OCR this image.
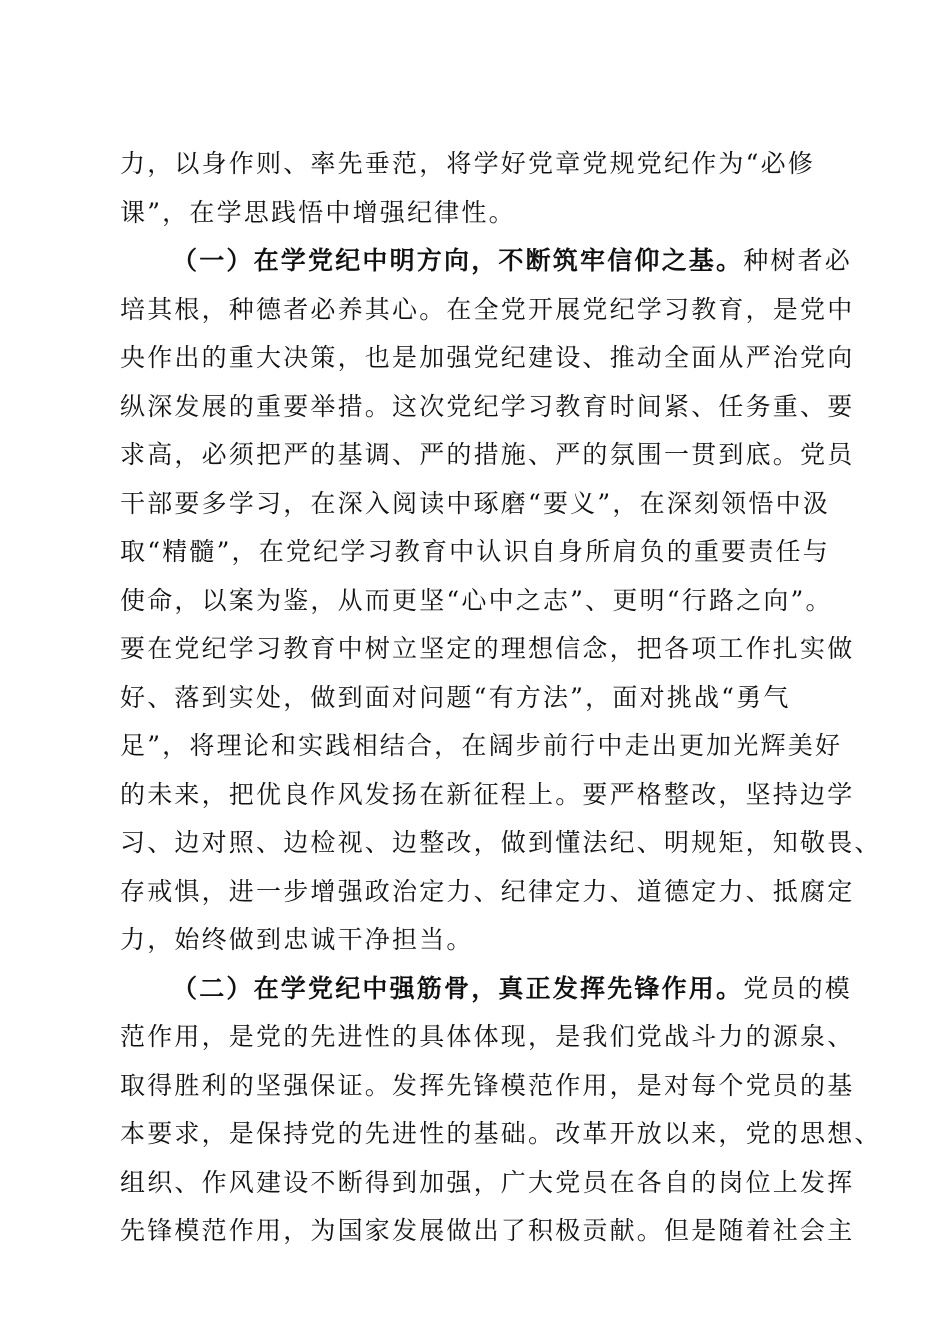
力，以身作则、率先垂范，将学好党章党规党纪作为“必修
课”，在学思践悟中增强纪律性。
（一）在学党纪中明方向，不断筑牢信仰之基。种树者必
培其根，种德者必养其心。在全党开展党纪学习教育，是党中
央作出的重大决策，也是加强党纪建设、推动全面从严治党向
纵深发展的重要举措。这次党纪学习教育时间紧、任务重、要
求高，必须把严的基调、严的措施、严的氛围一贯到底。党员
干部要多学习，在深入阅读中琢磨“要义”，在深刻领悟中汲
取“精髓”，在党纪学习教育中认识自身所肩负的重要责任与
使命，以案为鉴，从而更坚“心中之志”、更明“行路之向”。
要在党纪学习教育中树立坚定的理想信念，把各项工作扎实做
好、落到实处，做到面对问题“有方法”，面对挑战“勇气
足”，将理论和实践相结合，在阔步前行中走出更加光辉美好
的未来，把优良作风发扬在新征程上。要严格整改，坚持边学
习、边对照、边检视、边整改，做到懂法纪、明规矩，知敬畏、
存戒惧，进一步增强政治定力、纪律定力、道德定力、抵腐定
力，始终做到忠诚干净担当。
（二）在学党纪中强筋骨，真正发挥先锋作用。党员的模
范作用，是党的先进性的具体体现，是我们党战斗力的源泉、
取得胜利的坚强保证。发挥先锋模范作用，是对每个党员的基
本要求，是保持党的先进性的基础。改革开放以来，党的思想、
组织、作风建设不断得到加强，广大党员在各自的岗位上发挥
先锋模范作用，为国家发展做出了积极贡献。但是随着社会主
